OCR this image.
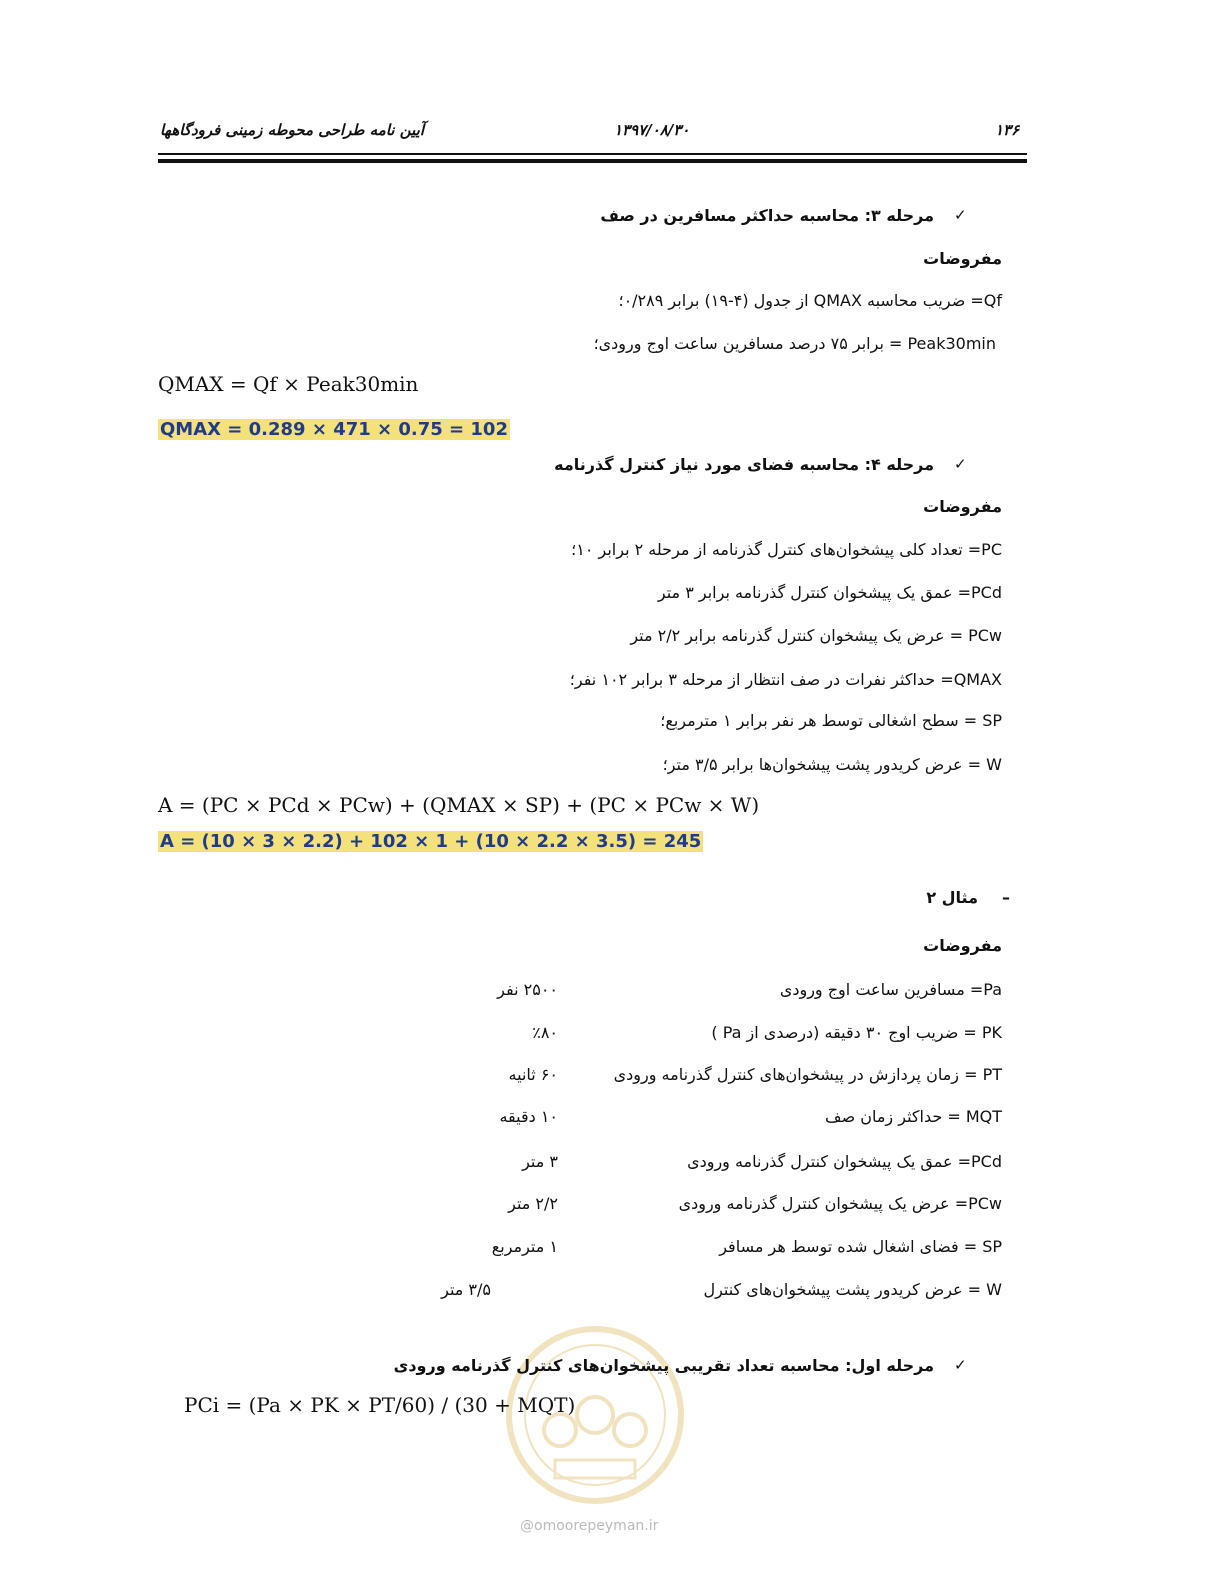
۱۳۶
۱۳۹۷/۰۸/۳۰
آیین نامه طراحی محوطه زمینی فرودگاهها
✓
مرحله ۳: محاسبه حداکثر مسافرین در صف
مفروضات
Qf= ضریب محاسبه QMAX از جدول (۴-۱۹) برابر ۰/۲۸۹؛
Peak30min = برابر ۷۵ درصد مسافرین ساعت اوج ورودی؛
QMAX = Qf × Peak30min
QMAX = 0.289 × 471 × 0.75 = 102
✓
مرحله ۴: محاسبه فضای مورد نیاز کنترل گذرنامه
مفروضات
PC= تعداد کلی پیشخوان‌های کنترل گذرنامه از مرحله ۲ برابر ۱۰؛
PCd= عمق یک پیشخوان کنترل گذرنامه برابر ۳ متر
PCw = عرض یک پیشخوان کنترل گذرنامه برابر ۲/۲ متر
QMAX= حداکثر نفرات در صف انتظار از مرحله ۳ برابر ۱۰۲ نفر؛
SP = سطح اشغالی توسط هر نفر برابر ۱ مترمربع؛
W = عرض کریدور پشت پیشخوان‌ها برابر ۳/۵ متر؛
A = (PC × PCd × PCw) + (QMAX × SP) + (PC × PCw × W)
A = (10 × 3 × 2.2) + 102 × 1 + (10 × 2.2 × 3.5) = 245
–
مثال ۲
مفروضات
Pa= مسافرین ساعت اوج ورودی
۲۵۰۰ نفر
PK = ضریب اوج ۳۰ دقیقه (درصدی از Pa )
٪۸۰
PT = زمان پردازش در پیشخوان‌های کنترل گذرنامه ورودی
۶۰ ثانیه
MQT = حداکثر زمان صف
۱۰ دقیقه
PCd= عمق یک پیشخوان کنترل گذرنامه ورودی
۳ متر
PCw= عرض یک پیشخوان کنترل گذرنامه ورودی
۲/۲ متر
SP = فضای اشغال شده توسط هر مسافر
۱ مترمربع
W = عرض کریدور پشت پیشخوان‌های کنترل
۳/۵ متر
@omoorepeyman.ir
✓
مرحله اول: محاسبه تعداد تقریبی پیشخوان‌های کنترل گذرنامه ورودی
PCi = (Pa × PK × PT/60) / (30 + MQT)
